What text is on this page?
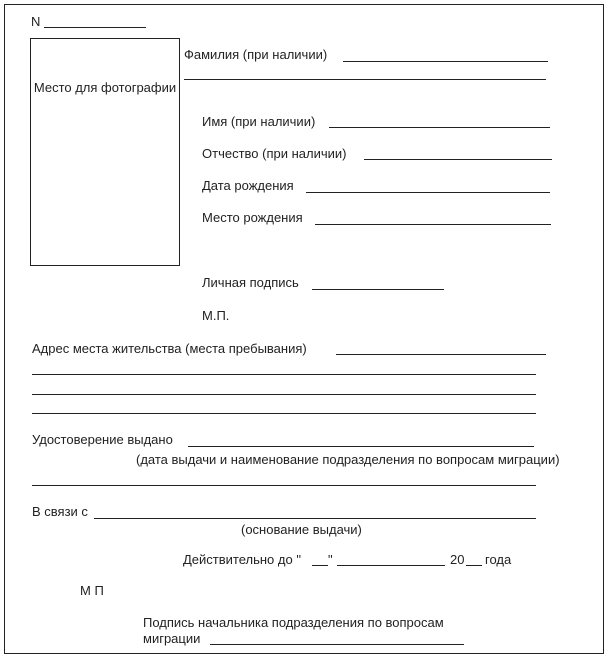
N
Место для фотографии
Фамилия (при наличии)
Имя (при наличии)
Отчество (при наличии)
Дата рождения
Место рождения
Личная подпись
М.П.
Адрес места жительства (места пребывания)
Удостоверение выдано
(дата выдачи и наименование подразделения по вопросам миграции)
В связи с
(основание выдачи)
Действительно до " "	20 года
М П
Подпись начальника подразделения по вопросам
миграции
